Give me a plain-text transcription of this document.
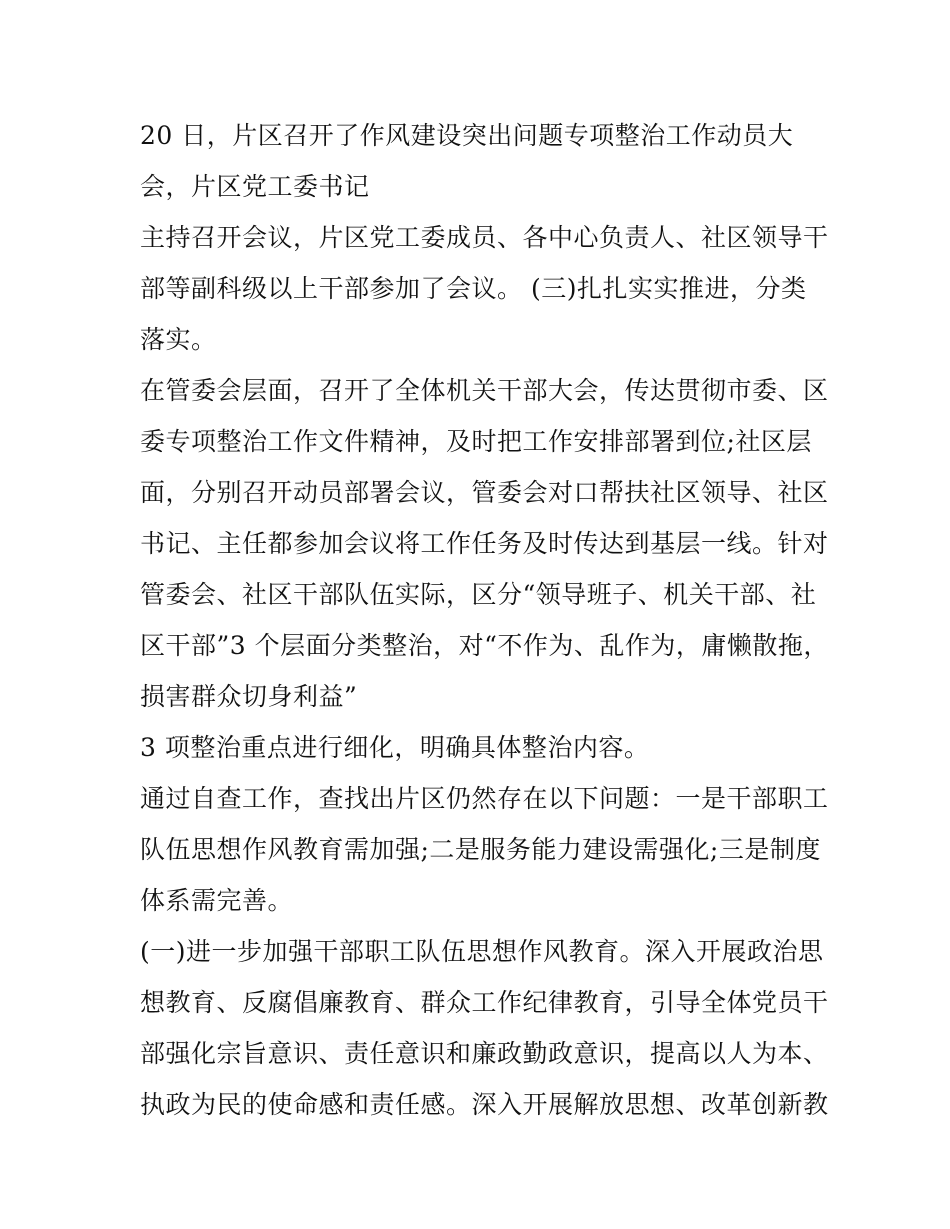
20 日，片区召开了作风建设突出问题专项整治工作动员大
会，片区党工委书记
主持召开会议，片区党工委成员、各中心负责人、社区领导干
部等副科级以上干部参加了会议。 (三)扎扎实实推进，分类
落实。
在管委会层面，召开了全体机关干部大会，传达贯彻市委、区
委专项整治工作文件精神，及时把工作安排部署到位;社区层
面，分别召开动员部署会议，管委会对口帮扶社区领导、社区
书记、主任都参加会议将工作任务及时传达到基层一线。针对
管委会、社区干部队伍实际，区分“领导班子、机关干部、社
区干部”3 个层面分类整治，对“不作为、乱作为，庸懒散拖，
损害群众切身利益”
3 项整治重点进行细化，明确具体整治内容。
通过自查工作，查找出片区仍然存在以下问题：一是干部职工
队伍思想作风教育需加强;二是服务能力建设需强化;三是制度
体系需完善。
(一)进一步加强干部职工队伍思想作风教育。深入开展政治思
想教育、反腐倡廉教育、群众工作纪律教育，引导全体党员干
部强化宗旨意识、责任意识和廉政勤政意识，提高以人为本、
执政为民的使命感和责任感。深入开展解放思想、改革创新教
